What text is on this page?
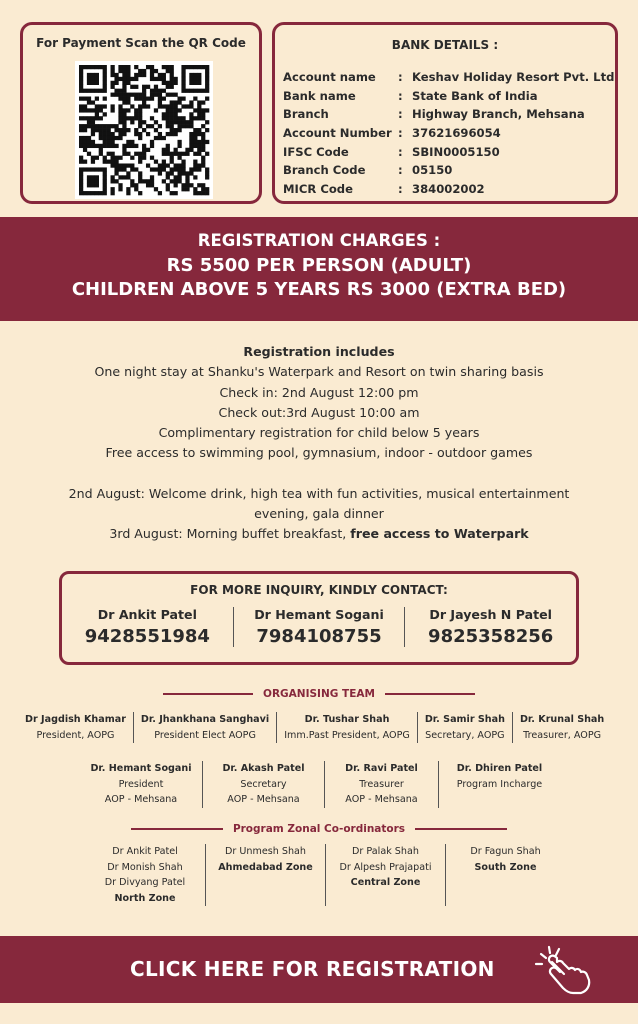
For Payment Scan the QR Code	BANK DETAILS :
Account name	: Keshav Holiday Resort Pvt. Ltd
Bank name	: State Bank of India
Branch	: Highway Branch, Mehsana
Account Number : 37621696054
IFSC Code	: SBIN0005150
Branch Code	: 05150
MICR Code	: 384002002
REGISTRATION CHARGES :
RS 5500 PER PERSON (ADULT)
CHILDREN ABOVE 5 YEARS RS 3000 (EXTRA BED)
Registration includes
One night stay at Shanku's Waterpark and Resort on twin sharing basis
Check in: 2nd August 12:00 pm
Check out:3rd August 10:00 am
Complimentary registration for child below 5 years
Free access to swimming pool, gymnasium, indoor - outdoor games
2nd August: Welcome drink, high tea with fun activities, musical entertainment
evening, gala dinner
3rd August: Morning buffet breakfast, free access to Waterpark
FOR MORE INQUIRY, KINDLY CONTACT:
Dr Ankit Patel
9428551984
Dr Hemant Sogani
7984108755
Dr Jayesh N Patel
9825358256
ORGANISING TEAM
Dr Jagdish Khamar
President, AOPG
Dr. Jhankhana Sanghavi
President Elect AOPG
Dr. Tushar Shah
Imm.Past President, AOPG
Dr. Samir Shah
Secretary, AOPG
Dr. Krunal Shah
Treasurer, AOPG
Dr. Hemant Sogani
President
AOP - Mehsana
Dr. Akash Patel
Secretary
AOP - Mehsana
Dr. Ravi Patel
Treasurer
AOP - Mehsana
Dr. Dhiren Patel
Program Incharge
Program Zonal Co-ordinators
Dr Ankit Patel
Dr Monish Shah
Dr Divyang Patel
North Zone
Dr Unmesh Shah
Ahmedabad Zone
Dr Palak Shah
Dr Alpesh Prajapati
Central Zone
Dr Fagun Shah
South Zone
CLICK HERE FOR REGISTRATION
